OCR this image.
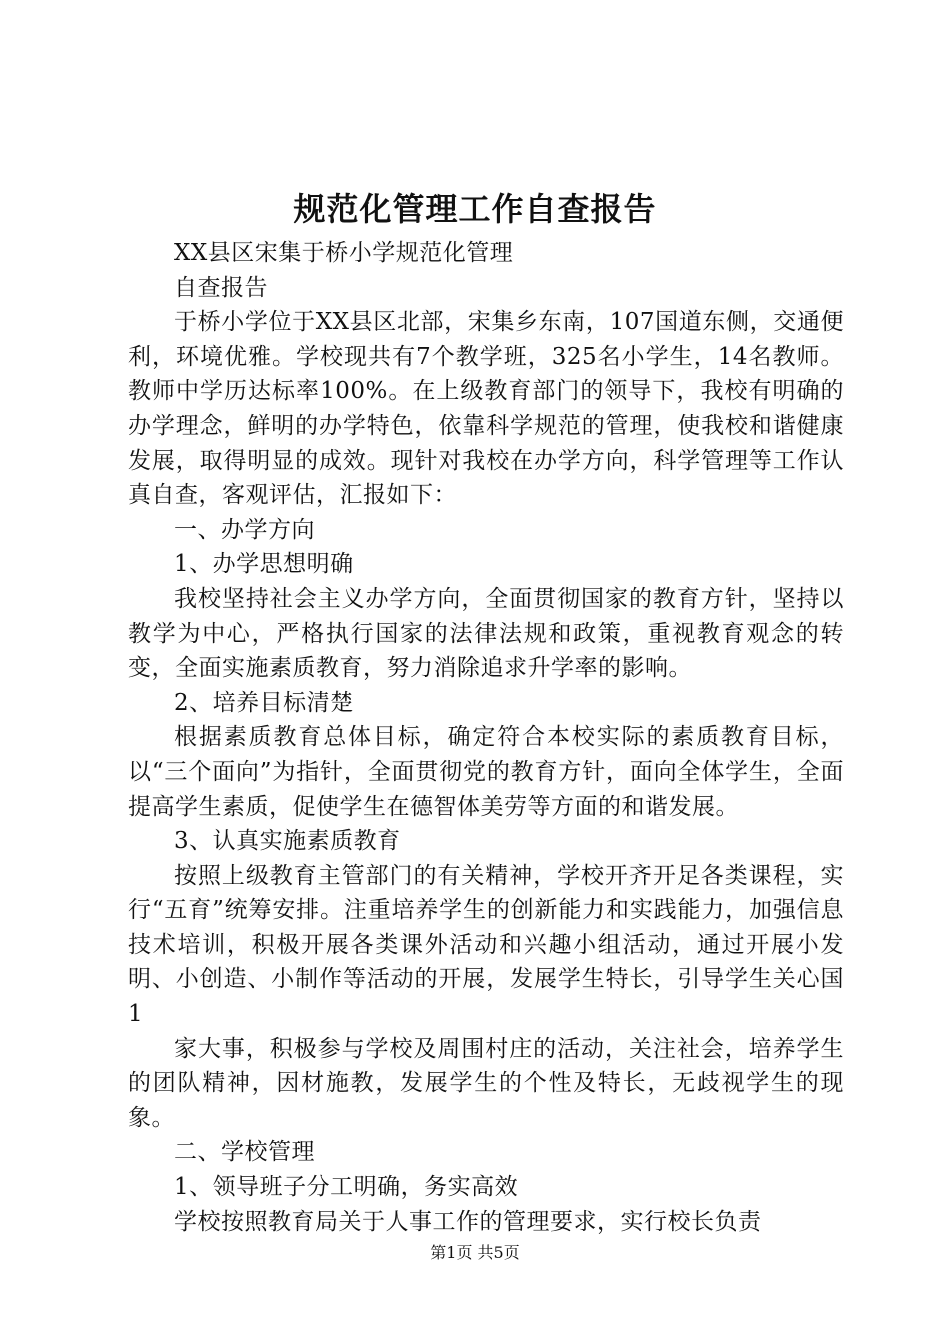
规范化管理工作自查报告

XX县区宋集于桥小学规范化管理

自查报告

于桥小学位于XX县区北部，宋集乡东南，107国道东侧，交通便利，环境优雅。学校现共有7个教学班，325名小学生，14名教师。教师中学历达标率100%。在上级教育部门的领导下，我校有明确的办学理念，鲜明的办学特色，依靠科学规范的管理，使我校和谐健康发展，取得明显的成效。现针对我校在办学方向，科学管理等工作认真自查，客观评估，汇报如下：

一、办学方向

1、办学思想明确

我校坚持社会主义办学方向，全面贯彻国家的教育方针，坚持以教学为中心，严格执行国家的法律法规和政策，重视教育观念的转变，全面实施素质教育，努力消除追求升学率的影响。

2、培养目标清楚

根据素质教育总体目标，确定符合本校实际的素质教育目标，以“三个面向”为指针，全面贯彻党的教育方针，面向全体学生，全面提高学生素质，促使学生在德智体美劳等方面的和谐发展。

3、认真实施素质教育

按照上级教育主管部门的有关精神，学校开齐开足各类课程，实行“五育”统筹安排。注重培养学生的创新能力和实践能力，加强信息技术培训，积极开展各类课外活动和兴趣小组活动，通过开展小发明、小创造、小制作等活动的开展，发展学生特长，引导学生关心国1

家大事，积极参与学校及周围村庄的活动，关注社会，培养学生的团队精神，因材施教，发展学生的个性及特长，无歧视学生的现象。

二、学校管理

1、领导班子分工明确，务实高效

学校按照教育局关于人事工作的管理要求，实行校长负责

第1页 共5页
